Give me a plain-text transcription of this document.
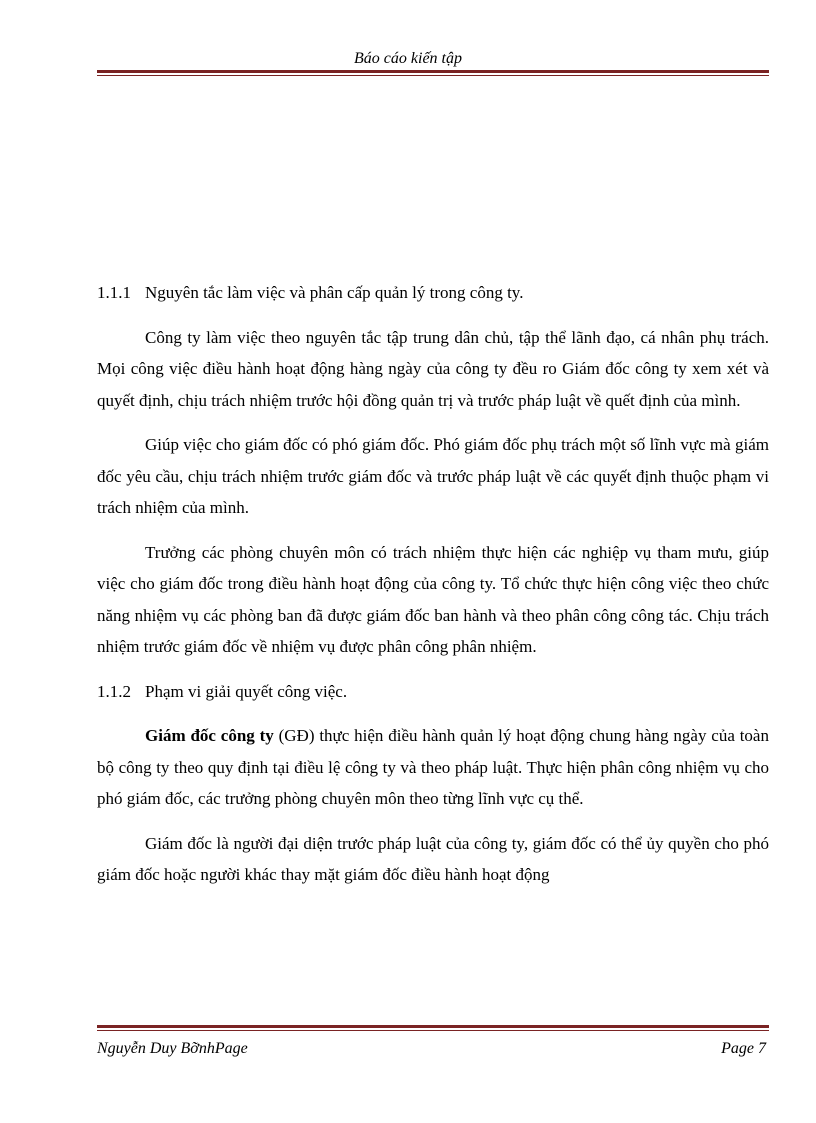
Báo cáo kiến tập
1.1.1 Nguyên tắc làm việc và phân cấp quản lý trong công ty.

Công ty làm việc theo nguyên tắc tập trung dân chủ, tập thể lãnh đạo, cá nhân phụ trách. Mọi công việc điều hành hoạt động hàng ngày của công ty đều ro Giám đốc công ty xem xét và quyết định, chịu trách nhiệm trước hội đồng quản trị và trước pháp luật về quết định của mình.

Giúp việc cho giám đốc có phó giám đốc. Phó giám đốc phụ trách một số lĩnh vực mà giám đốc yêu cầu, chịu trách nhiệm trước giám đốc và trước pháp luật về các quyết định thuộc phạm vi trách nhiệm của mình.

Trưởng các phòng chuyên môn có trách nhiệm thực hiện các nghiệp vụ tham mưu, giúp việc cho giám đốc trong điều hành hoạt động của công ty. Tổ chức thực hiện công việc theo chức năng nhiệm vụ các phòng ban đã được giám đốc ban hành và theo phân công công tác. Chịu trách nhiệm trước giám đốc về nhiệm vụ được phân công phân nhiệm.

1.1.2 Phạm vi giải quyết công việc.

Giám đốc công ty (GĐ) thực hiện điều hành quản lý hoạt động chung hàng ngày của toàn bộ công ty theo quy định tại điều lệ công ty và theo pháp luật. Thực hiện phân công nhiệm vụ cho phó giám đốc, các trưởng phòng chuyên môn theo từng lĩnh vực cụ thể.

Giám đốc là người đại diện trước pháp luật của công ty, giám đốc có thể ủy quyền cho phó giám đốc hoặc người khác thay mặt giám đốc điều hành hoạt động

Nguyễn Duy BỡnhPage	Page 7
